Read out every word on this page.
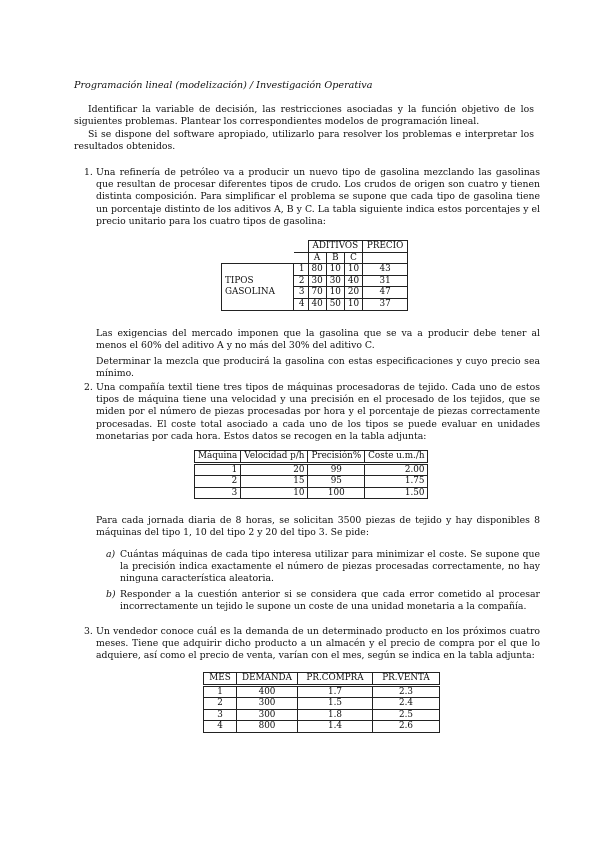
Programación lineal (modelización) / Investigación Operativa
Identificar la variable de decisión, las restricciones asociadas y la función objetivo de los siguientes problemas. Plantear los correspondientes modelos de programación lineal.
Si se dispone del software apropiado, utilizarlo para resolver los problemas e interpretar los resultados obtenidos.
1. Una refinería de petróleo va a producir un nuevo tipo de gasolina mezclando las gasolinas que resultan de procesar diferentes tipos de crudo. Los crudos de origen son cuatro y tienen distinta composición. Para simplificar el problema se supone que cada tipo de gasolina tiene un porcentaje distinto de los aditivos A, B y C. La tabla siguiente indica estos porcentajes y el precio unitario para los cuatro tipos de gasolina:
		ADITIVOS			PRECIO
		A	B	C	
	1	80	10	10	43
TIPOS	2	30	30	40	31
GASOLINA	3	70	10	20	47
	4	40	50	10	37
Las exigencias del mercado imponen que la gasolina que se va a producir debe tener al menos el 60% del aditivo A y no más del 30% del aditivo C.
Determinar la mezcla que producirá la gasolina con estas especificaciones y cuyo precio sea mínimo.
2. Una compañía textil tiene tres tipos de máquinas procesadoras de tejido. Cada uno de estos tipos de máquina tiene una velocidad y una precisión en el procesado de los tejidos, que se miden por el número de piezas procesadas por hora y el porcentaje de piezas correctamente procesadas. El coste total asociado a cada uno de los tipos se puede evaluar en unidades monetarias por cada hora. Estos datos se recogen en la tabla adjunta:
Máquina	Velocidad p/h	Precisión%	Coste u.m./h
1	20	99	2.00
2	15	95	1.75
3	10	100	1.50
Para cada jornada diaria de 8 horas, se solicitan 3500 piezas de tejido y hay disponibles 8 máquinas del tipo 1, 10 del tipo 2 y 20 del tipo 3. Se pide:
a) Cuántas máquinas de cada tipo interesa utilizar para minimizar el coste. Se supone que la precisión indica exactamente el número de piezas procesadas correctamente, no hay ninguna característica aleatoria.
b) Responder a la cuestión anterior si se considera que cada error cometido al procesar incorrectamente un tejido le supone un coste de una unidad monetaria a la compañía.
3. Un vendedor conoce cuál es la demanda de un determinado producto en los próximos cuatro meses. Tiene que adquirir dicho producto a un almacén y el precio de compra por el que lo adquiere, así como el precio de venta, varían con el mes, según se indica en la tabla adjunta:
MES	DEMANDA	PR.COMPRA	PR.VENTA
1	400	1.7	2.3
2	300	1.5	2.4
3	300	1.8	2.5
4	800	1.4	2.6
